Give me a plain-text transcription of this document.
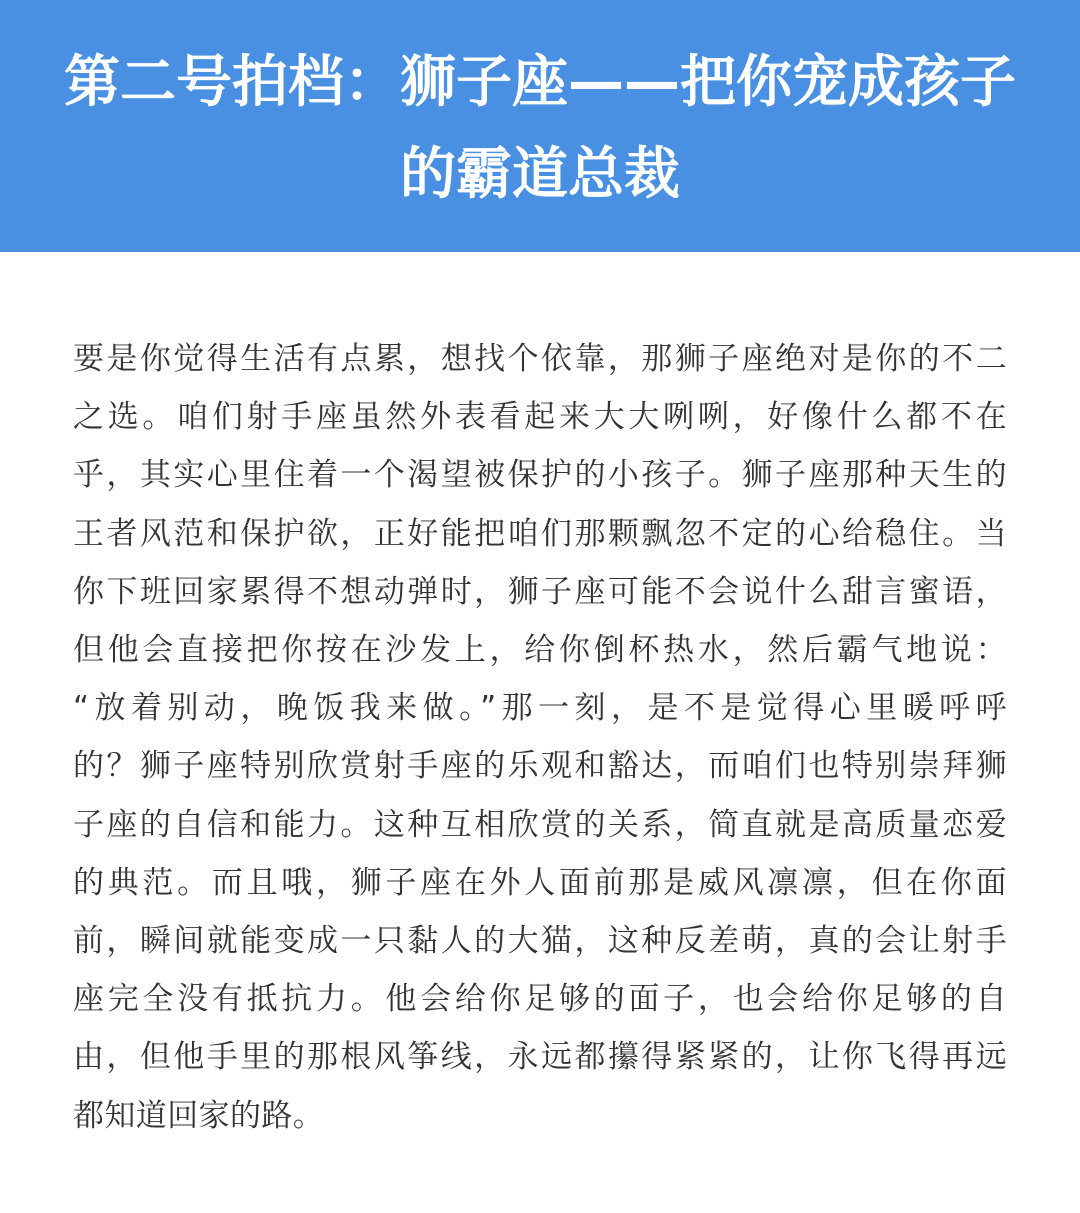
第二号拍档：狮子座——把你宠成孩子
的霸道总裁
要是你觉得生活有点累，想找个依靠，那狮子座绝对是你的不二
之选。咱们射手座虽然外表看起来大大咧咧，好像什么都不在
乎，其实心里住着一个渴望被保护的小孩子。狮子座那种天生的
王者风范和保护欲，正好能把咱们那颗飘忽不定的心给稳住。当
你下班回家累得不想动弹时，狮子座可能不会说什么甜言蜜语，
但他会直接把你按在沙发上，给你倒杯热水，然后霸气地说：
“放着别动，晚饭我来做。”那一刻，是不是觉得心里暖呼呼
的？狮子座特别欣赏射手座的乐观和豁达，而咱们也特别崇拜狮
子座的自信和能力。这种互相欣赏的关系，简直就是高质量恋爱
的典范。而且哦，狮子座在外人面前那是威风凛凛，但在你面
前，瞬间就能变成一只黏人的大猫，这种反差萌，真的会让射手
座完全没有抵抗力。他会给你足够的面子，也会给你足够的自
由，但他手里的那根风筝线，永远都攥得紧紧的，让你飞得再远
都知道回家的路。
